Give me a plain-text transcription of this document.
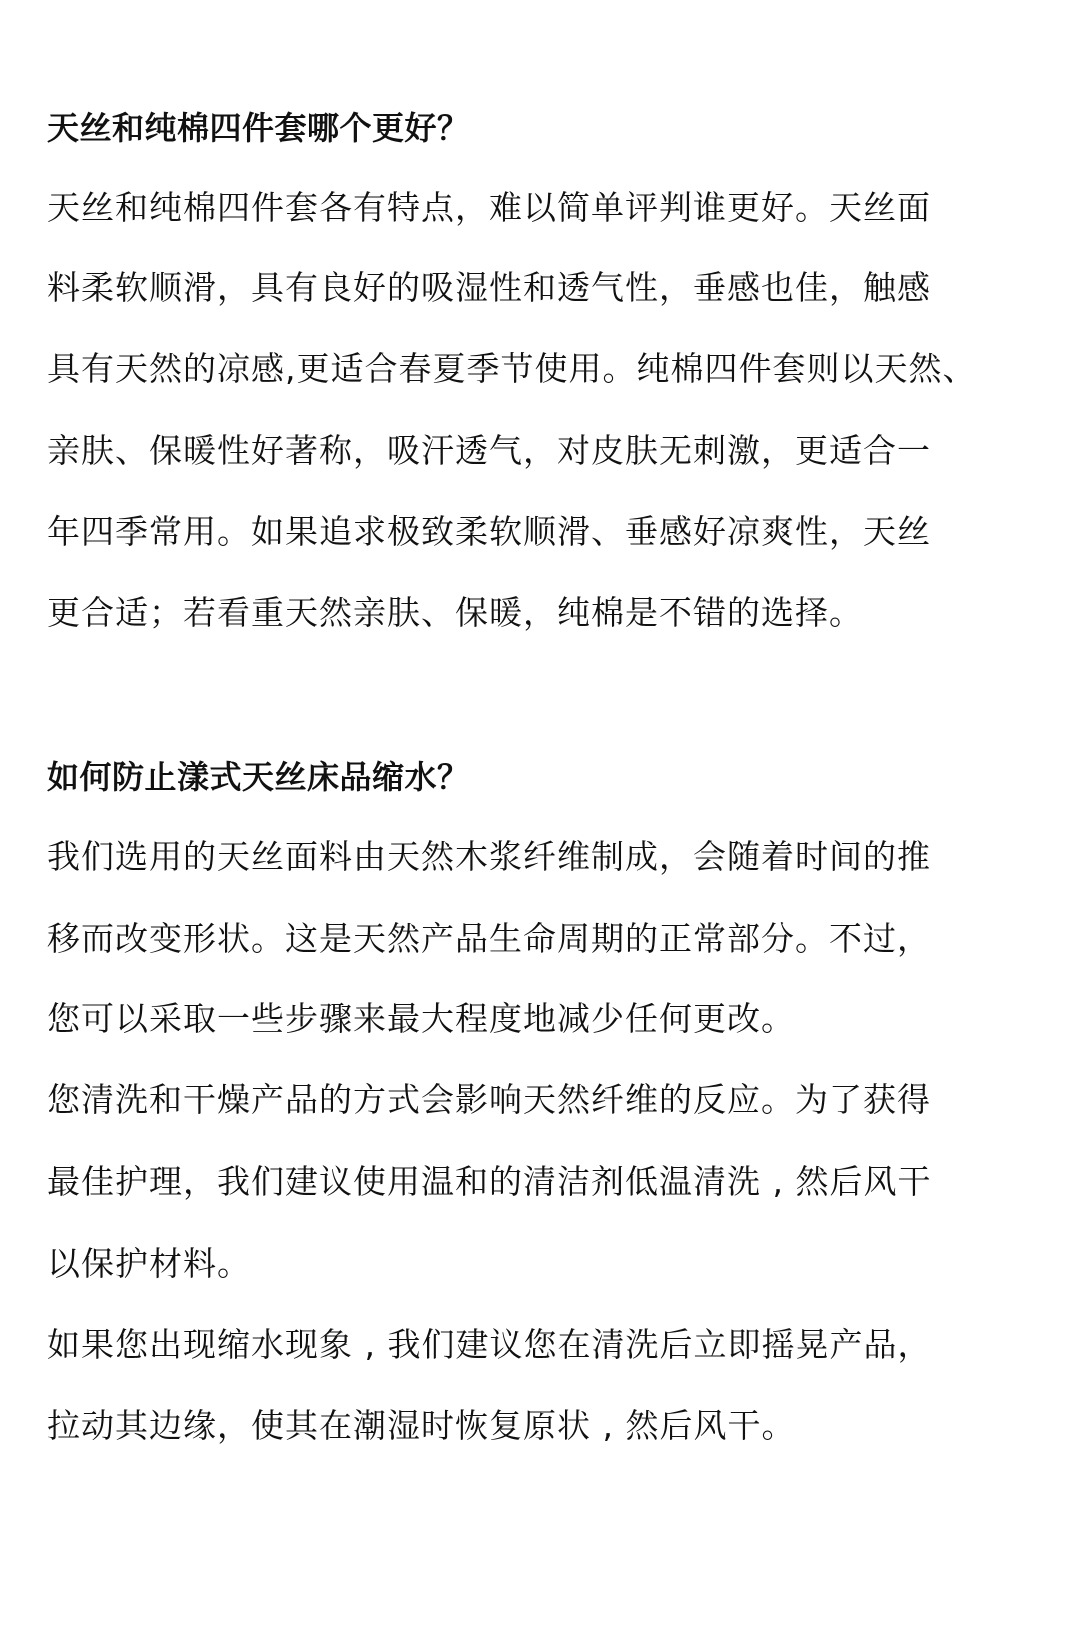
天丝和纯棉四件套哪个更好？
天丝和纯棉四件套各有特点，难以简单评判谁更好。天丝面
料柔软顺滑，具有良好的吸湿性和透气性，垂感也佳，触感
具有天然的凉感,更适合春夏季节使用。纯棉四件套则以天然、
亲肤、保暖性好著称，吸汗透气，对皮肤无刺激，更适合一
年四季常用。如果追求极致柔软顺滑、垂感好凉爽性，天丝
更合适；若看重天然亲肤、保暖，纯棉是不错的选择。
如何防止漾式天丝床品缩水？
我们选用的天丝面料由天然木浆纤维制成，会随着时间的推
移而改变形状。这是天然产品生命周期的正常部分。不过，
您可以采取一些步骤来最大程度地减少任何更改。
您清洗和干燥产品的方式会影响天然纤维的反应。为了获得
最佳护理，我们建议使用温和的清洁剂低温清洗 , 然后风干
以保护材料。
如果您出现缩水现象 , 我们建议您在清洗后立即摇晃产品，
拉动其边缘，使其在潮湿时恢复原状 , 然后风干。
